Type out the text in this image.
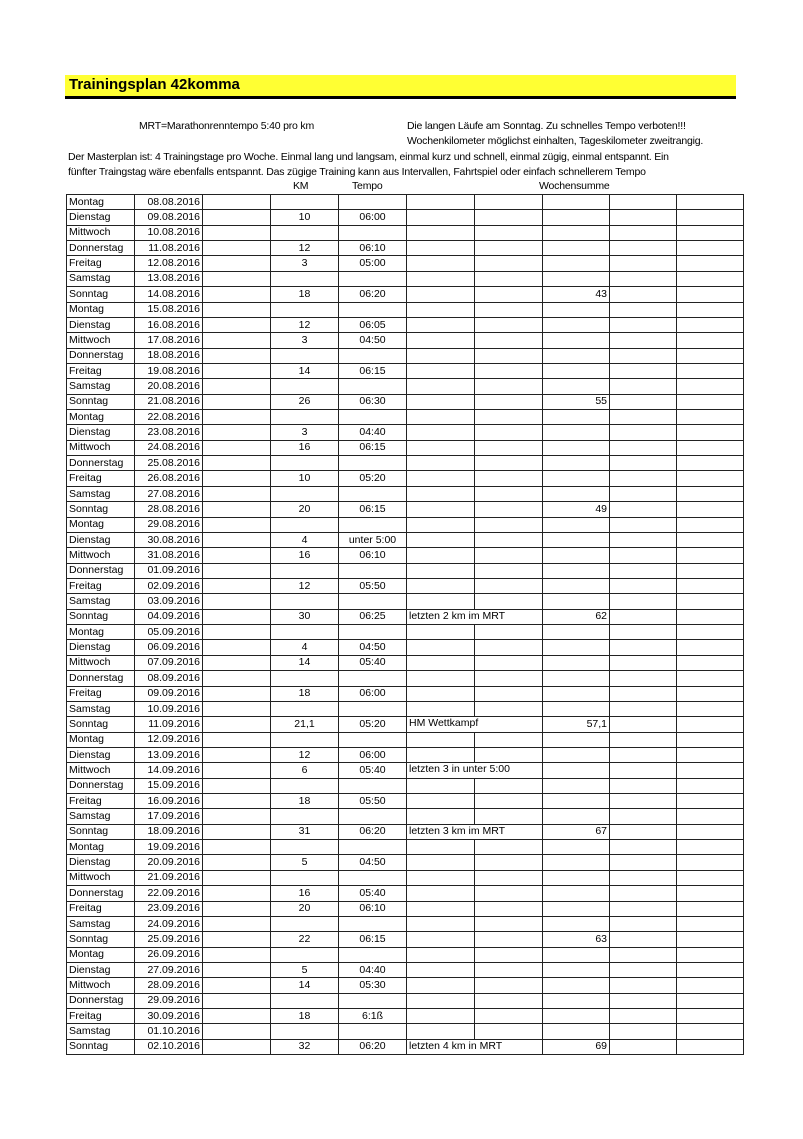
Trainingsplan 42komma
MRT=Marathonrenntempo 5:40 pro km	Die langen Läufe am Sonntag. Zu schnelles Tempo verboten!!!
Wochenkilometer möglichst einhalten, Tageskilometer zweitrangig.
Der Masterplan ist: 4 Trainingstage pro Woche. Einmal lang und langsam, einmal kurz und schnell, einmal zügig, einmal entspannt. Ein
fünfter Traingstag wäre ebenfalls entspannt. Das zügige Training kann aus Intervallen, Fahrtspiel oder einfach schnellerem Tempo
KM	Tempo	Wochensumme
Montag	08.08.2016				

Dienstag	09.08.2016		10	06:00	

Mittwoch	10.08.2016				

Donnerstag	11.08.2016		12	06:10	

Freitag	12.08.2016		3	05:00	

Samstag	13.08.2016				

Sonntag	14.08.2016		18	06:20			43		
Montag	15.08.2016				

Dienstag	16.08.2016		12	06:05	

Mittwoch	17.08.2016		3	04:50	

Donnerstag	18.08.2016				

Freitag	19.08.2016		14	06:15	

Samstag	20.08.2016				

Sonntag	21.08.2016		26	06:30			55		
Montag	22.08.2016				

Dienstag	23.08.2016		3	04:40	

Mittwoch	24.08.2016		16	06:15	

Donnerstag	25.08.2016				

Freitag	26.08.2016		10	05:20	

Samstag	27.08.2016				

Sonntag	28.08.2016		20	06:15			49		
Montag	29.08.2016				

Dienstag	30.08.2016		4	unter 5:00	

Mittwoch	31.08.2016		16	06:10	

Donnerstag	01.09.2016				

Freitag	02.09.2016		12	05:50	

Samstag	03.09.2016				

Sonntag	04.09.2016		30	06:25	letzten 2 km im MRT		62		
Montag	05.09.2016				

Dienstag	06.09.2016		4	04:50	

Mittwoch	07.09.2016		14	05:40	

Donnerstag	08.09.2016				

Freitag	09.09.2016		18	06:00	

Samstag	10.09.2016				

Sonntag	11.09.2016		21,1	05:20	HM Wettkampf		57,1		
Montag	12.09.2016				

Dienstag	13.09.2016		12	06:00	

Mittwoch	14.09.2016		6	05:40	letzten 3 in unter 5:00				

Donnerstag	15.09.2016				

Freitag	16.09.2016		18	05:50	

Samstag	17.09.2016				

Sonntag	18.09.2016		31	06:20	letzten 3 km im MRT		67		
Montag	19.09.2016				

Dienstag	20.09.2016		5	04:50	

Mittwoch	21.09.2016				

Donnerstag	22.09.2016		16	05:40	

Freitag	23.09.2016		20	06:10	

Samstag	24.09.2016				

Sonntag	25.09.2016		22	06:15			63		
Montag	26.09.2016				

Dienstag	27.09.2016		5	04:40	

Mittwoch	28.09.2016		14	05:30	

Donnerstag	29.09.2016				

Freitag	30.09.2016		18	6:1ß	

Samstag	01.10.2016				

Sonntag	02.10.2016		32	06:20	letzten 4 km in MRT		69		
